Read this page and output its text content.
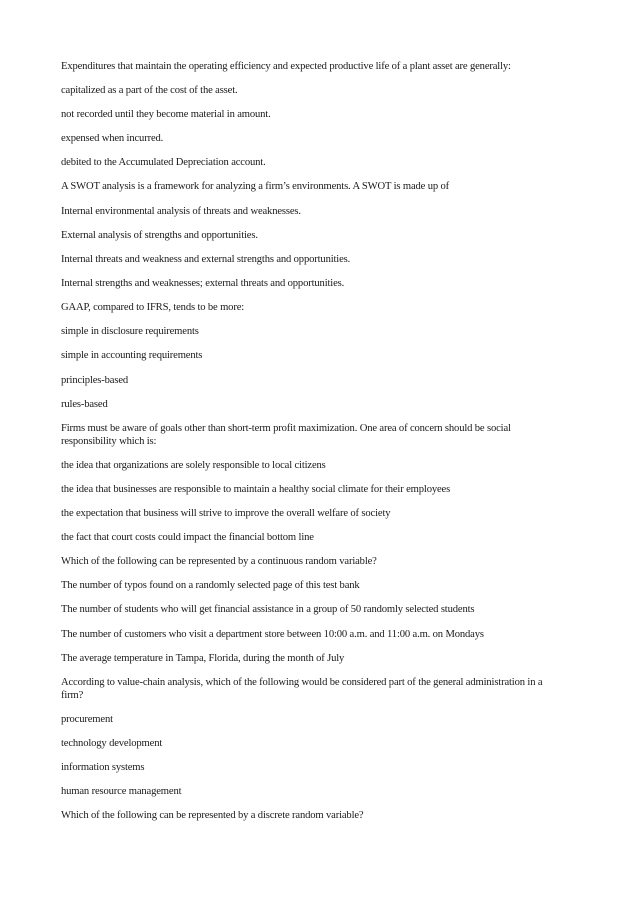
Expenditures that maintain the operating efficiency and expected productive life of a plant asset are generally:
capitalized as a part of the cost of the asset.
not recorded until they become material in amount.
expensed when incurred.
debited to the Accumulated Depreciation account.
A SWOT analysis is a framework for analyzing a firm’s environments. A SWOT is made up of
Internal environmental analysis of threats and weaknesses.
External analysis of strengths and opportunities.
Internal threats and weakness and external strengths and opportunities.
Internal strengths and weaknesses; external threats and opportunities.
GAAP, compared to IFRS, tends to be more:
simple in disclosure requirements
simple in accounting requirements
principles-based
rules-based
Firms must be aware of goals other than short-term profit maximization. One area of concern should be social responsibility which is:
the idea that organizations are solely responsible to local citizens
the idea that businesses are responsible to maintain a healthy social climate for their employees
the expectation that business will strive to improve the overall welfare of society
the fact that court costs could impact the financial bottom line
Which of the following can be represented by a continuous random variable?
The number of typos found on a randomly selected page of this test bank
The number of students who will get financial assistance in a group of 50 randomly selected students
The number of customers who visit a department store between 10:00 a.m. and 11:00 a.m. on Mondays
The average temperature in Tampa, Florida, during the month of July
According to value-chain analysis, which of the following would be considered part of the general administration in a firm?
procurement
technology development
information systems
human resource management
Which of the following can be represented by a discrete random variable?
